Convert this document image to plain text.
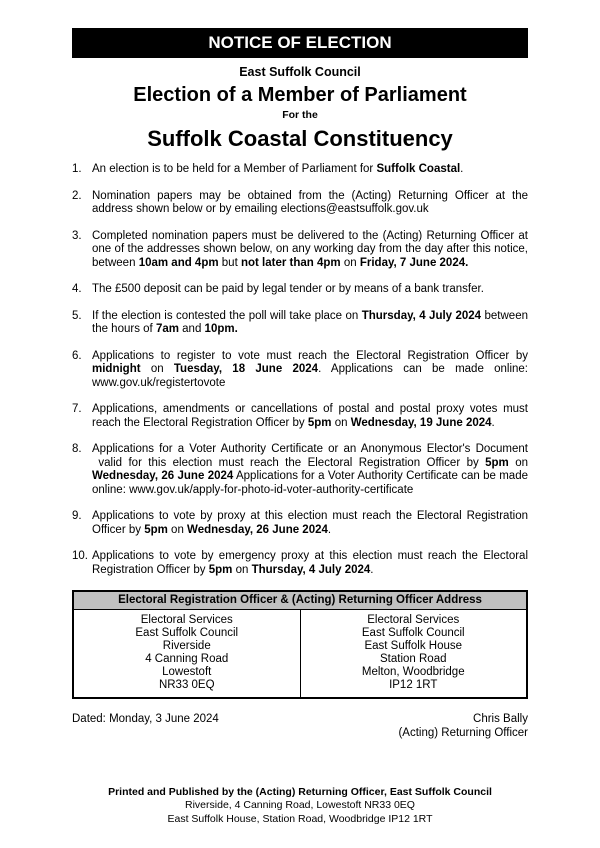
NOTICE OF ELECTION
East Suffolk Council
Election of a Member of Parliament
For the
Suffolk Coastal Constituency
1. An election is to be held for a Member of Parliament for Suffolk Coastal.
2. Nomination papers may be obtained from the (Acting) Returning Officer at the address shown below or by emailing elections@eastsuffolk.gov.uk
3. Completed nomination papers must be delivered to the (Acting) Returning Officer at one of the addresses shown below, on any working day from the day after this notice, between 10am and 4pm but not later than 4pm on Friday, 7 June 2024.
4. The £500 deposit can be paid by legal tender or by means of a bank transfer.
5. If the election is contested the poll will take place on Thursday, 4 July 2024 between the hours of 7am and 10pm.
6. Applications to register to vote must reach the Electoral Registration Officer by midnight on Tuesday, 18 June 2024. Applications can be made online: www.gov.uk/registertovote
7. Applications, amendments or cancellations of postal and postal proxy votes must reach the Electoral Registration Officer by 5pm on Wednesday, 19 June 2024.
8. Applications for a Voter Authority Certificate or an Anonymous Elector's Document  valid for this election must reach the Electoral Registration Officer by 5pm on Wednesday, 26 June 2024 Applications for a Voter Authority Certificate can be made online: www.gov.uk/apply-for-photo-id-voter-authority-certificate
9. Applications to vote by proxy at this election must reach the Electoral Registration Officer by 5pm on Wednesday, 26 June 2024.
10. Applications to vote by emergency proxy at this election must reach the Electoral Registration Officer by 5pm on Thursday, 4 July 2024.
Electoral Registration Officer & (Acting) Returning Officer Address

Electoral Services
East Suffolk Council
Riverside
4 Canning Road
Lowestoft
NR33 0EQ

Electoral Services
East Suffolk Council
East Suffolk House
Station Road
Melton, Woodbridge
IP12 1RT
Dated: Monday, 3 June 2024	Chris Bally
(Acting) Returning Officer
Printed and Published by the (Acting) Returning Officer, East Suffolk Council
Riverside, 4 Canning Road, Lowestoft NR33 0EQ
East Suffolk House, Station Road, Woodbridge IP12 1RT
